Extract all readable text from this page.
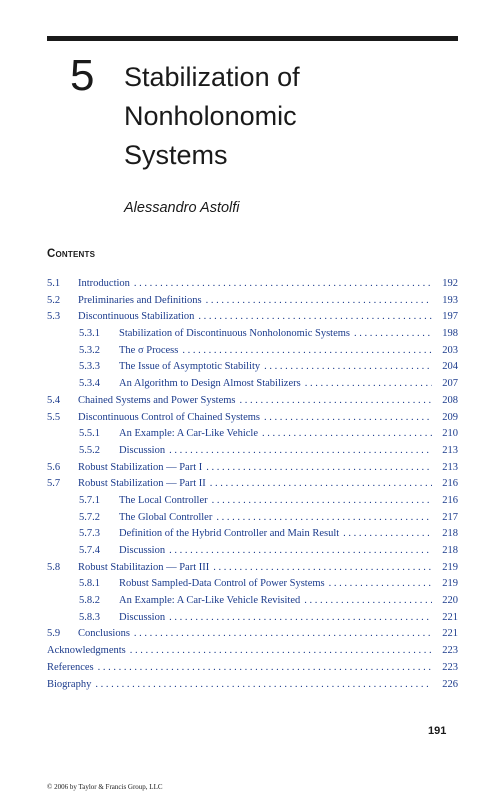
5 Stabilization of
Nonholonomic
Systems
Alessandro Astolfi
Contents
5.1	Introduction . . .	192
5.2	Preliminaries and Definitions . . .	193
5.3	Discontinuous Stabilization . . .	197
5.3.1	Stabilization of Discontinuous Nonholonomic Systems . . .	198
5.3.2	The σ Process . . .	203
5.3.3	The Issue of Asymptotic Stability . . .	204
5.3.4	An Algorithm to Design Almost Stabilizers . . .	207
5.4	Chained Systems and Power Systems . . .	208
5.5	Discontinuous Control of Chained Systems . . .	209
5.5.1	An Example: A Car-Like Vehicle . . .	210
5.5.2	Discussion . . .	213
5.6	Robust Stabilization — Part I . . .	213
5.7	Robust Stabilization — Part II . . .	216
5.7.1	The Local Controller . . .	216
5.7.2	The Global Controller . . .	217
5.7.3	Definition of the Hybrid Controller and Main Result . . .	218
5.7.4	Discussion . . .	218
5.8	Robust Stabilitazion — Part III . . .	219
5.8.1	Robust Sampled-Data Control of Power Systems . . .	219
5.8.2	An Example: A Car-Like Vehicle Revisited . . .	220
5.8.3	Discussion . . .	221
5.9	Conclusions . . .	221
Acknowledgments . . .	223
References . . .	223
Biography . . .	226
191
© 2006 by Taylor & Francis Group, LLC
